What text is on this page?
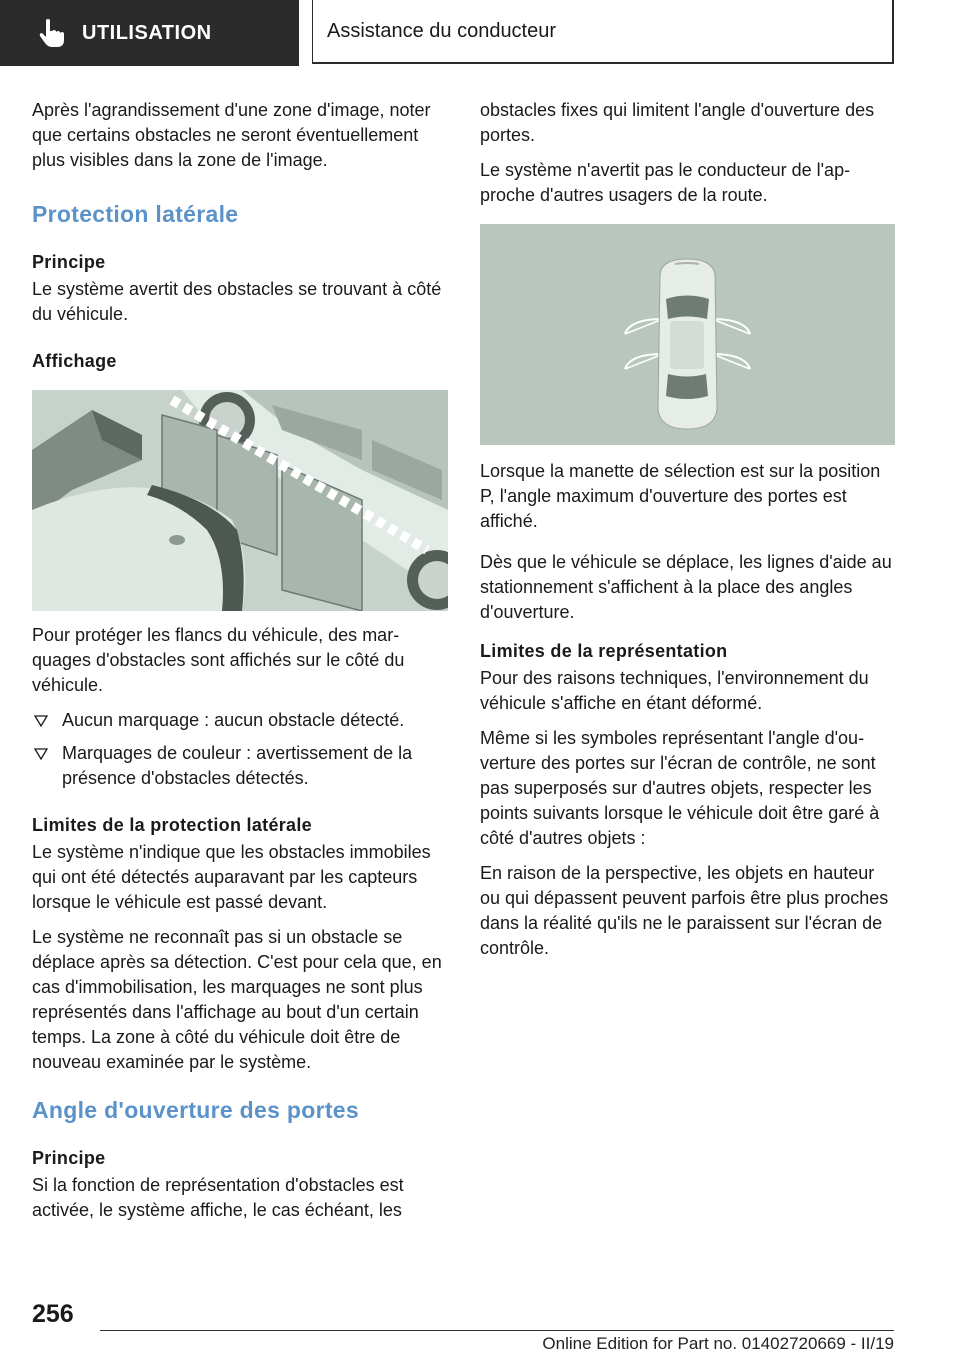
UTILISATION	Assistance du conducteur

Après l'agrandissement d'une zone d'image, noter que certains obstacles ne seront éventuellement plus visibles dans la zone de l'image.

Protection latérale
Principe

Le système avertit des obstacles se trouvant à côté du véhicule.

Affichage

Pour protéger les flancs du véhicule, des marquages d'obstacles sont affichés sur le côté du véhicule.

Aucun marquage : aucun obstacle détecté.
Marquages de couleur : avertissement de la présence d'obstacles détectés.
Limites de la protection latérale

Le système n'indique que les obstacles immobiles qui ont été détectés auparavant par les capteurs lorsque le véhicule est passé devant.

Le système ne reconnaît pas si un obstacle se déplace après sa détection. C'est pour cela que, en cas d'immobilisation, les marquages ne sont plus représentés dans l'affichage au bout d'un certain temps. La zone à côté du véhicule doit être de nouveau examinée par le système.

Angle d'ouverture des portes
Principe

Si la fonction de représentation d'obstacles est activée, le système affiche, le cas échéant, les

obstacles fixes qui limitent l'angle d'ouverture des portes.

Le système n'avertit pas le conducteur de l'approche d'autres usagers de la route.

Lorsque la manette de sélection est sur la position P, l'angle maximum d'ouverture des portes est affiché.

Dès que le véhicule se déplace, les lignes d'aide au stationnement s'affichent à la place des angles d'ouverture.

Limites de la représentation

Pour des raisons techniques, l'environnement du véhicule s'affiche en étant déformé.

Même si les symboles représentant l'angle d'ouverture des portes sur l'écran de contrôle, ne sont pas superposés sur d'autres objets, respecter les points suivants lorsque le véhicule doit être garé à côté d'autres objets :

En raison de la perspective, les objets en hauteur ou qui dépassent peuvent parfois être plus proches dans la réalité qu'ils ne le paraissent sur l'écran de contrôle.

256
Online Edition for Part no. 01402720669 - II/19
